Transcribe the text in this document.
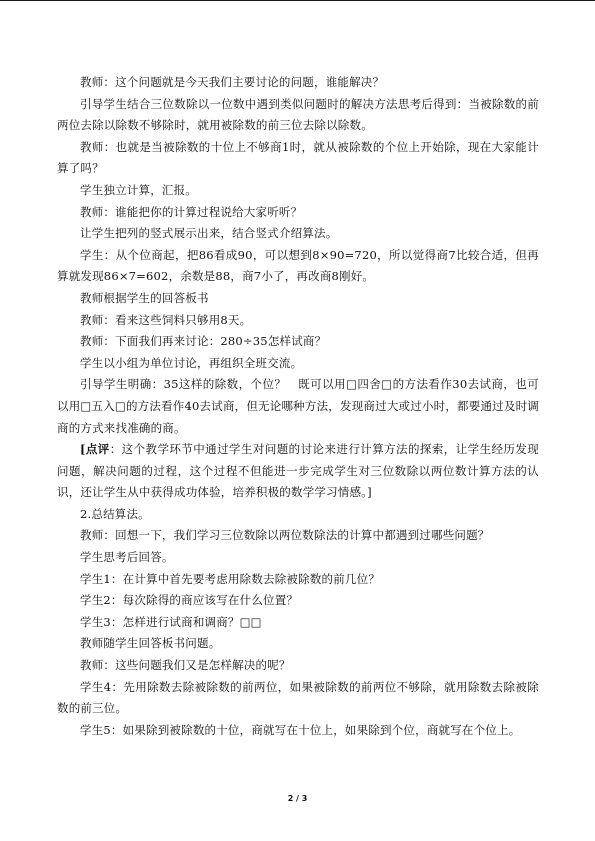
教师：这个问题就是今天我们主要讨论的问题，谁能解决？

引导学生结合三位数除以一位数中遇到类似问题时的解决方法思考后得到：当被除数的前两位去除以除数不够除时，就用被除数的前三位去除以除数。

教师：也就是当被除数的十位上不够商1时，就从被除数的个位上开始除，现在大家能计算了吗？

学生独立计算，汇报。

教师：谁能把你的计算过程说给大家听听？

让学生把列的竖式展示出来，结合竖式介绍算法。

学生：从个位商起，把86看成90，可以想到8×90=720，所以觉得商7比较合适，但再算就发现86×7=602，余数是88，商7小了，再改商8刚好。

教师根据学生的回答板书

教师：看来这些饲料只够用8天。

教师：下面我们再来讨论：280÷35怎样试商？

学生以小组为单位讨论，再组织全班交流。

引导学生明确：35这样的除数，个位？　既可以用□四舍□的方法看作30去试商，也可以用□五入□的方法看作40去试商，但无论哪种方法，发现商过大或过小时，都要通过及时调商的方式来找准确的商。

[点评：这个教学环节中通过学生对问题的讨论来进行计算方法的探索，让学生经历发现问题，解决问题的过程，这个过程不但能进一步完成学生对三位数除以两位数计算方法的认识，还让学生从中获得成功体验，培养积极的数学学习情感。]

2.总结算法。

教师：回想一下，我们学习三位数除以两位数除法的计算中都遇到过哪些问题？

学生思考后回答。

学生1：在计算中首先要考虑用除数去除被除数的前几位？

学生2：每次除得的商应该写在什么位置？

学生3：怎样进行试商和调商？□□

教师随学生回答板书问题。

教师：这些问题我们又是怎样解决的呢？

学生4：先用除数去除被除数的前两位，如果被除数的前两位不够除，就用除数去除被除数的前三位。

学生5：如果除到被除数的十位，商就写在十位上，如果除到个位，商就写在个位上。

2 / 3
